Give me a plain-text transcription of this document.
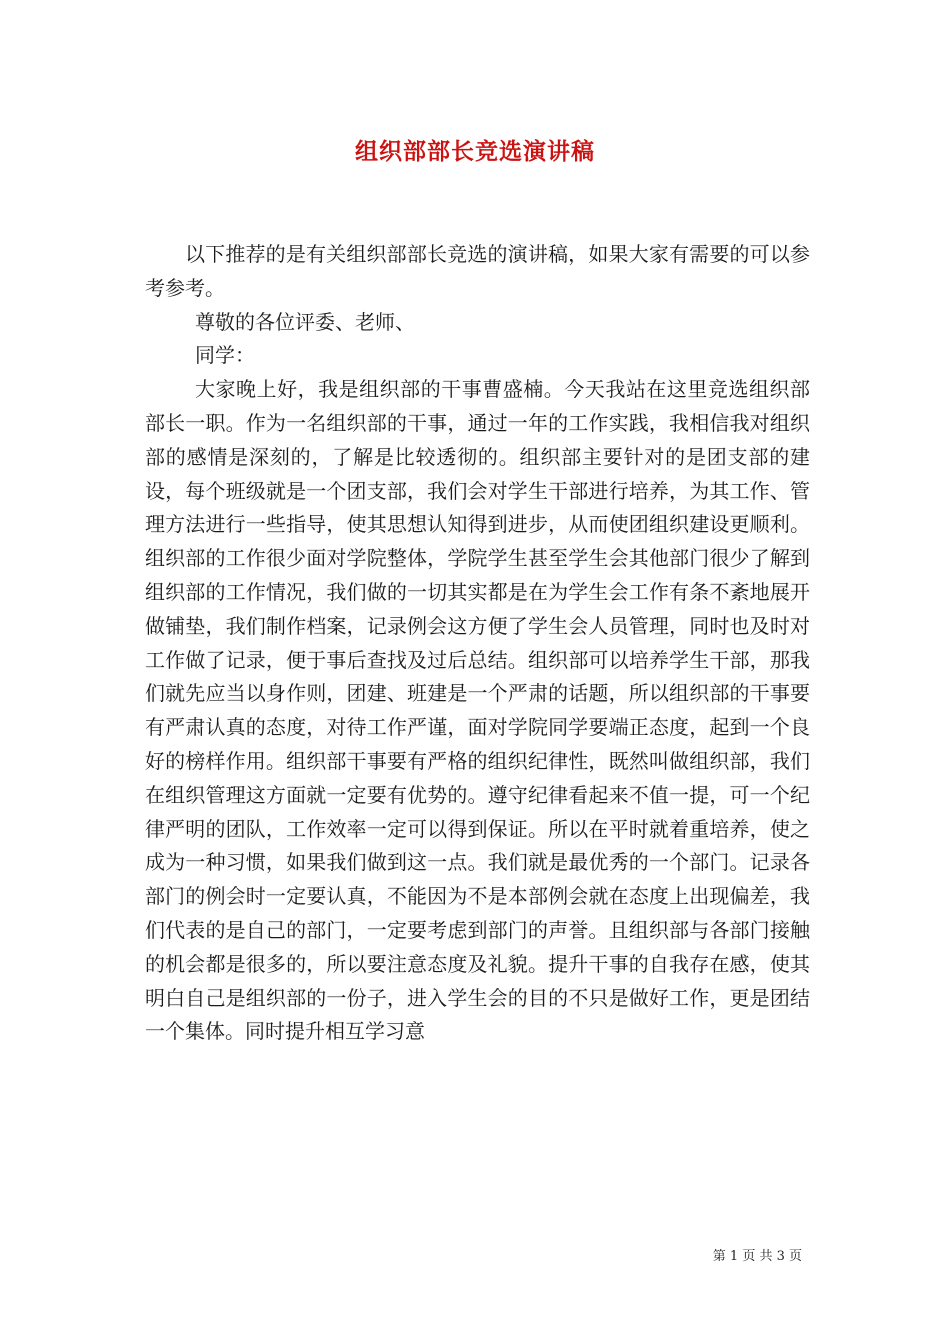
组织部部长竞选演讲稿

以下推荐的是有关组织部部长竞选的演讲稿，如果大家有需要的可以参考参考。

尊敬的各位评委、老师、

同学：

大家晚上好，我是组织部的干事曹盛楠。今天我站在这里竞选组织部部长一职。作为一名组织部的干事，通过一年的工作实践，我相信我对组织部的感情是深刻的，了解是比较透彻的。组织部主要针对的是团支部的建设，每个班级就是一个团支部，我们会对学生干部进行培养，为其工作、管理方法进行一些指导，使其思想认知得到进步，从而使团组织建设更顺利。组织部的工作很少面对学院整体，学院学生甚至学生会其他部门很少了解到组织部的工作情况，我们做的一切其实都是在为学生会工作有条不紊地展开做铺垫，我们制作档案，记录例会这方便了学生会人员管理，同时也及时对工作做了记录，便于事后查找及过后总结。组织部可以培养学生干部，那我们就先应当以身作则，团建、班建是一个严肃的话题，所以组织部的干事要有严肃认真的态度，对待工作严谨，面对学院同学要端正态度，起到一个良好的榜样作用。组织部干事要有严格的组织纪律性，既然叫做组织部，我们在组织管理这方面就一定要有优势的。遵守纪律看起来不值一提，可一个纪律严明的团队，工作效率一定可以得到保证。所以在平时就着重培养，使之成为一种习惯，如果我们做到这一点。我们就是最优秀的一个部门。记录各部门的例会时一定要认真，不能因为不是本部例会就在态度上出现偏差，我们代表的是自己的部门，一定要考虑到部门的声誉。且组织部与各部门接触的机会都是很多的，所以要注意态度及礼貌。提升干事的自我存在感，使其明白自己是组织部的一份子，进入学生会的目的不只是做好工作，更是团结一个集体。同时提升相互学习意

第 1 页 共 3 页
